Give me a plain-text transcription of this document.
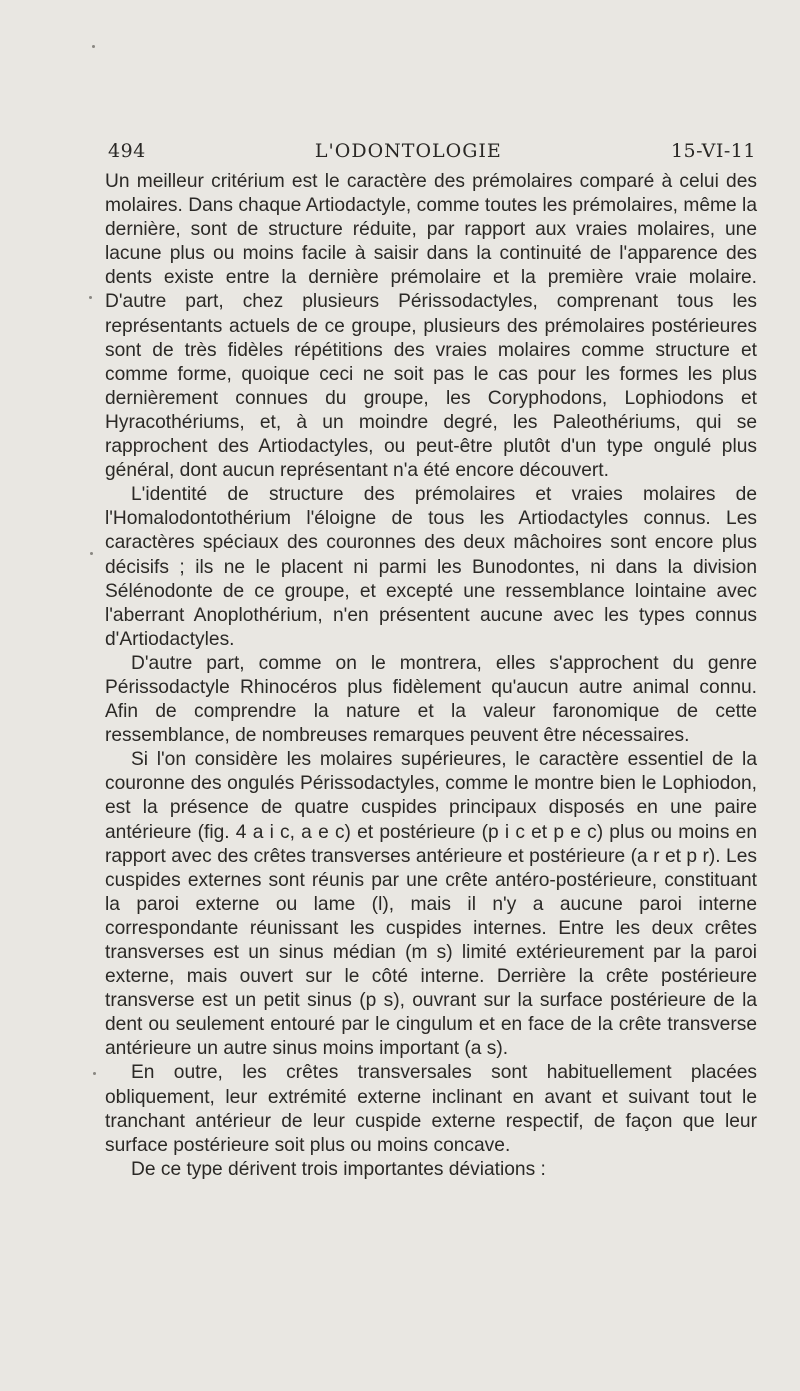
494	L'ODONTOLOGIE	15-VI-11

Un meilleur critérium est le caractère des prémolaires comparé à celui des molaires. Dans chaque Artiodactyle, comme toutes les prémolaires, même la dernière, sont de structure réduite, par rapport aux vraies molaires, une lacune plus ou moins facile à saisir dans la continuité de l'apparence des dents existe entre la dernière prémolaire et la première vraie molaire. D'autre part, chez plusieurs Périssodactyles, comprenant tous les représentants actuels de ce groupe, plusieurs des prémolaires postérieures sont de très fidèles répétitions des vraies molaires comme structure et comme forme, quoique ceci ne soit pas le cas pour les formes les plus dernièrement connues du groupe, les Coryphodons, Lophiodons et Hyracothériums, et, à un moindre degré, les Paleothériums, qui se rapprochent des Artiodactyles, ou peut-être plutôt d'un type ongulé plus général, dont aucun représentant n'a été encore découvert.

L'identité de structure des prémolaires et vraies molaires de l'Homalodontothérium l'éloigne de tous les Artiodactyles connus. Les caractères spéciaux des couronnes des deux mâchoires sont encore plus décisifs ; ils ne le placent ni parmi les Bunodontes, ni dans la division Sélénodonte de ce groupe, et excepté une ressemblance lointaine avec l'aberrant Anoplothérium, n'en présentent aucune avec les types connus d'Artiodactyles.

D'autre part, comme on le montrera, elles s'approchent du genre Périssodactyle Rhinocéros plus fidèlement qu'aucun autre animal connu. Afin de comprendre la nature et la valeur faronomique de cette ressemblance, de nombreuses remarques peuvent être nécessaires.

Si l'on considère les molaires supérieures, le caractère essentiel de la couronne des ongulés Périssodactyles, comme le montre bien le Lophiodon, est la présence de quatre cuspides principaux disposés en une paire antérieure (fig. 4 a i c, a e c) et postérieure (p i c et p e c) plus ou moins en rapport avec des crêtes transverses antérieure et postérieure (a r et p r). Les cuspides externes sont réunis par une crête antéro-postérieure, constituant la paroi externe ou lame (l), mais il n'y a aucune paroi interne correspondante réunissant les cuspides internes. Entre les deux crêtes transverses est un sinus médian (m s) limité extérieurement par la paroi externe, mais ouvert sur le côté interne. Derrière la crête postérieure transverse est un petit sinus (p s), ouvrant sur la surface postérieure de la dent ou seulement entouré par le cingulum et en face de la crête transverse antérieure un autre sinus moins important (a s).

En outre, les crêtes transversales sont habituellement placées obliquement, leur extrémité externe inclinant en avant et suivant tout le tranchant antérieur de leur cuspide externe respectif, de façon que leur surface postérieure soit plus ou moins concave.

De ce type dérivent trois importantes déviations :
